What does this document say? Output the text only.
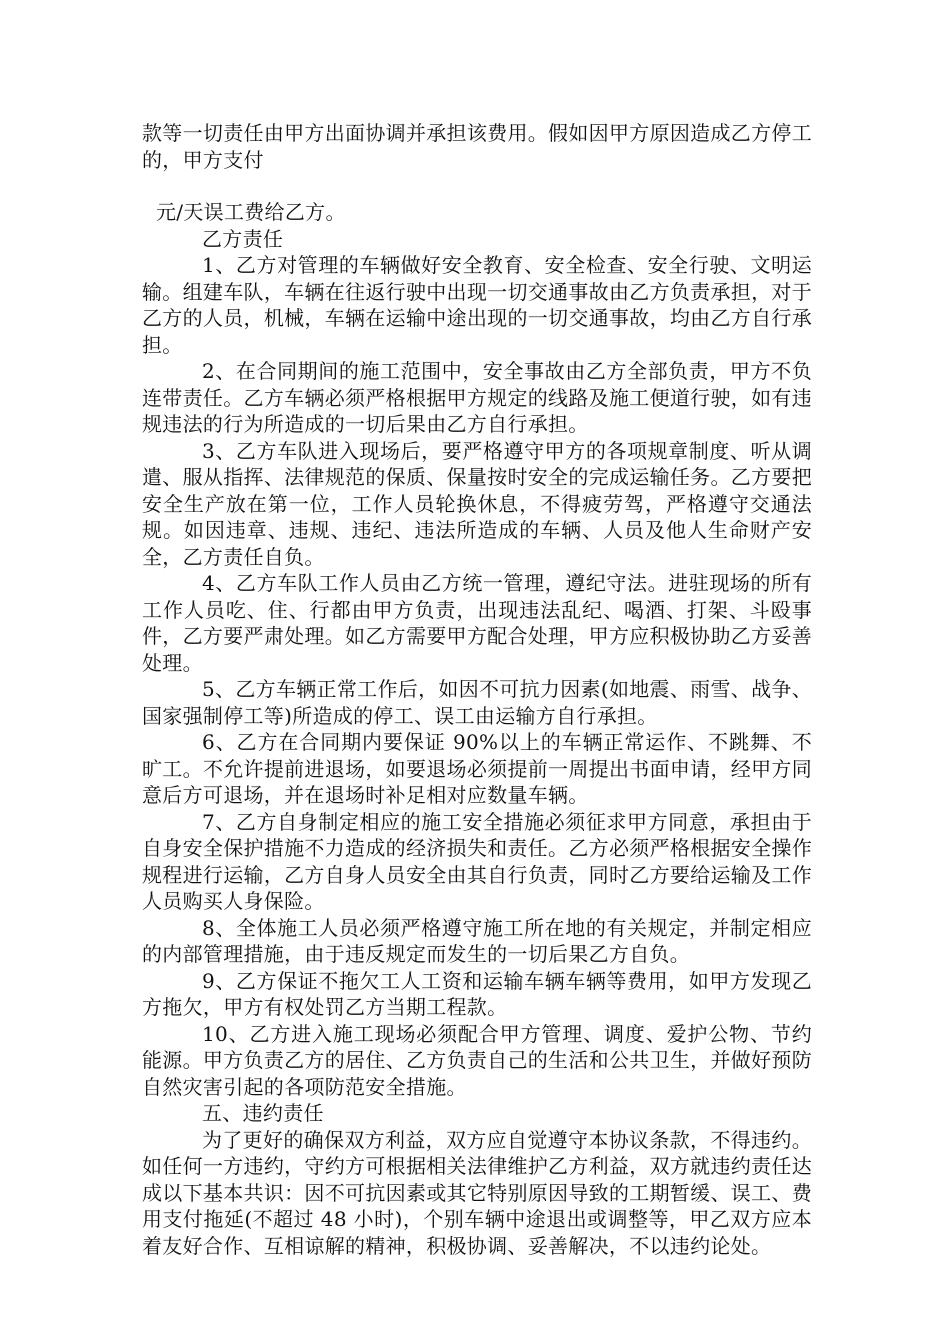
款等一切责任由甲方出面协调并承担该费用。假如因甲方原因造成乙方停工的，甲方支付

元/天误工费给乙方。

乙方责任

1、乙方对管理的车辆做好安全教育、安全检查、安全行驶、文明运输。组建车队，车辆在往返行驶中出现一切交通事故由乙方负责承担，对于乙方的人员，机械，车辆在运输中途出现的一切交通事故，均由乙方自行承担。

2、在合同期间的施工范围中，安全事故由乙方全部负责，甲方不负连带责任。乙方车辆必须严格根据甲方规定的线路及施工便道行驶，如有违规违法的行为所造成的一切后果由乙方自行承担。

3、乙方车队进入现场后，要严格遵守甲方的各项规章制度、听从调遣、服从指挥、法律规范的保质、保量按时安全的完成运输任务。乙方要把安全生产放在第一位，工作人员轮换休息，不得疲劳驾，严格遵守交通法规。如因违章、违规、违纪、违法所造成的车辆、人员及他人生命财产安全，乙方责任自负。

4、乙方车队工作人员由乙方统一管理，遵纪守法。进驻现场的所有工作人员吃、住、行都由甲方负责，出现违法乱纪、喝酒、打架、斗殴事件，乙方要严肃处理。如乙方需要甲方配合处理，甲方应积极协助乙方妥善处理。

5、乙方车辆正常工作后，如因不可抗力因素(如地震、雨雪、战争、国家强制停工等)所造成的停工、误工由运输方自行承担。

6、乙方在合同期内要保证 90%以上的车辆正常运作、不跳舞、不旷工。不允许提前进退场，如要退场必须提前一周提出书面申请，经甲方同意后方可退场，并在退场时补足相对应数量车辆。

7、乙方自身制定相应的施工安全措施必须征求甲方同意，承担由于自身安全保护措施不力造成的经济损失和责任。乙方必须严格根据安全操作规程进行运输，乙方自身人员安全由其自行负责，同时乙方要给运输及工作人员购买人身保险。

8、全体施工人员必须严格遵守施工所在地的有关规定，并制定相应的内部管理措施，由于违反规定而发生的一切后果乙方自负。

9、乙方保证不拖欠工人工资和运输车辆车辆等费用，如甲方发现乙方拖欠，甲方有权处罚乙方当期工程款。

10、乙方进入施工现场必须配合甲方管理、调度、爱护公物、节约能源。甲方负责乙方的居住、乙方负责自己的生活和公共卫生，并做好预防自然灾害引起的各项防范安全措施。

五、违约责任

为了更好的确保双方利益，双方应自觉遵守本协议条款，不得违约。如任何一方违约，守约方可根据相关法律维护乙方利益，双方就违约责任达成以下基本共识：因不可抗因素或其它特别原因导致的工期暂缓、误工、费用支付拖延(不超过 48 小时)，个别车辆中途退出或调整等，甲乙双方应本着友好合作、互相谅解的精神，积极协调、妥善解决，不以违约论处。
